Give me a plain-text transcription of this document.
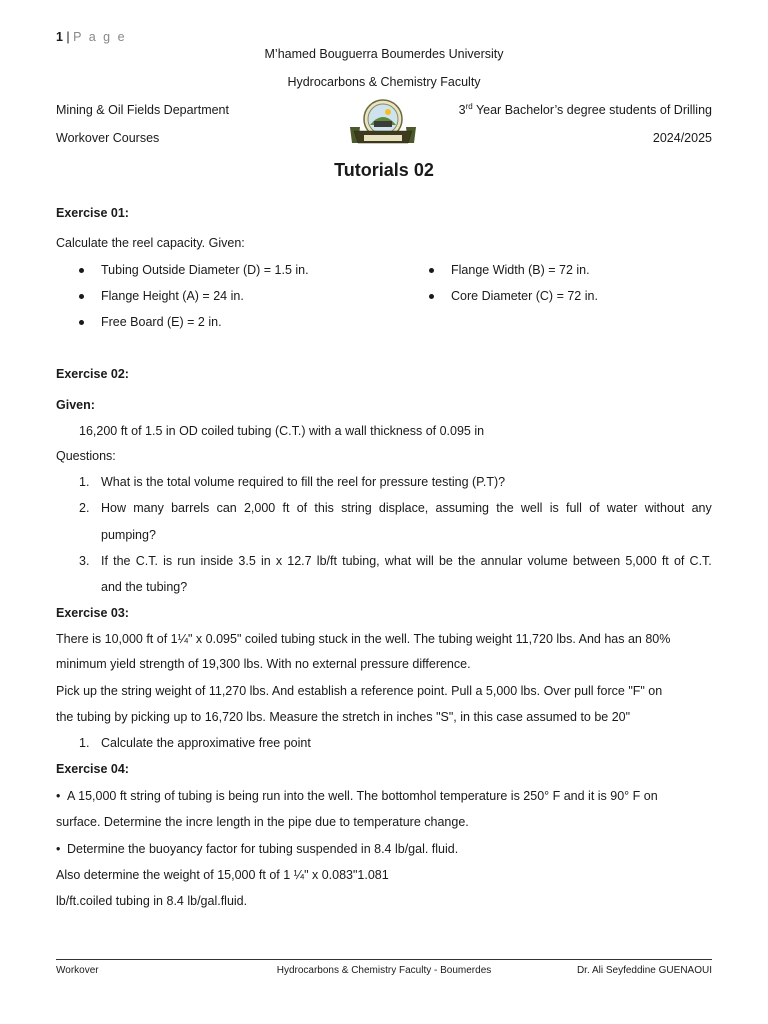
1 | P a g e
M’hamed Bouguerra Boumerdes University
Hydrocarbons & Chemistry Faculty
Mining & Oil Fields Department	3rd Year Bachelor’s degree students of Drilling
Workover Courses	2024/2025
Tutorials 02
Exercise 01:
Calculate the reel capacity. Given:
Tubing Outside Diameter (D) = 1.5 in.
Flange Height (A) = 24 in.
Free Board (E) = 2 in.
Flange Width (B) = 72 in.
Core Diameter (C) = 72 in.
Exercise 02:
Given:
16,200 ft of 1.5 in OD coiled tubing (C.T.) with a wall thickness of 0.095 in
Questions:
1. What is the total volume required to fill the reel for pressure testing (P.T)?
2. How many barrels can 2,000 ft of this string displace, assuming the well is full of water without any
pumping?
3. If the C.T. is run inside 3.5 in x 12.7 lb/ft tubing, what will be the annular volume between 5,000 ft of C.T.
and the tubing?
Exercise 03:
There is 10,000 ft of 1¼" x 0.095" coiled tubing stuck in the well. The tubing weight 11,720 lbs. And has an 80%
minimum yield strength of 19,300 lbs. With no external pressure difference.
Pick up the string weight of 11,270 lbs. And establish a reference point. Pull a 5,000 lbs. Over pull force "F" on
the tubing by picking up to 16,720 lbs. Measure the stretch in inches "S", in this case assumed to be 20"
1. Calculate the approximative free point
Exercise 04:
• A 15,000 ft string of tubing is being run into the well. The bottomhol temperature is 250° F and it is 90° F on
surface. Determine the incre length in the pipe due to temperature change.
• Determine the buoyancy factor for tubing suspended in 8.4 lb/gal. fluid.
Also determine the weight of 15,000 ft of 1 ¼" x 0.083"1.081
lb/ft.coiled tubing in 8.4 lb/gal.fluid.
Workover	Hydrocarbons & Chemistry Faculty - Boumerdes	Dr. Ali Seyfeddine GUENAOUI
